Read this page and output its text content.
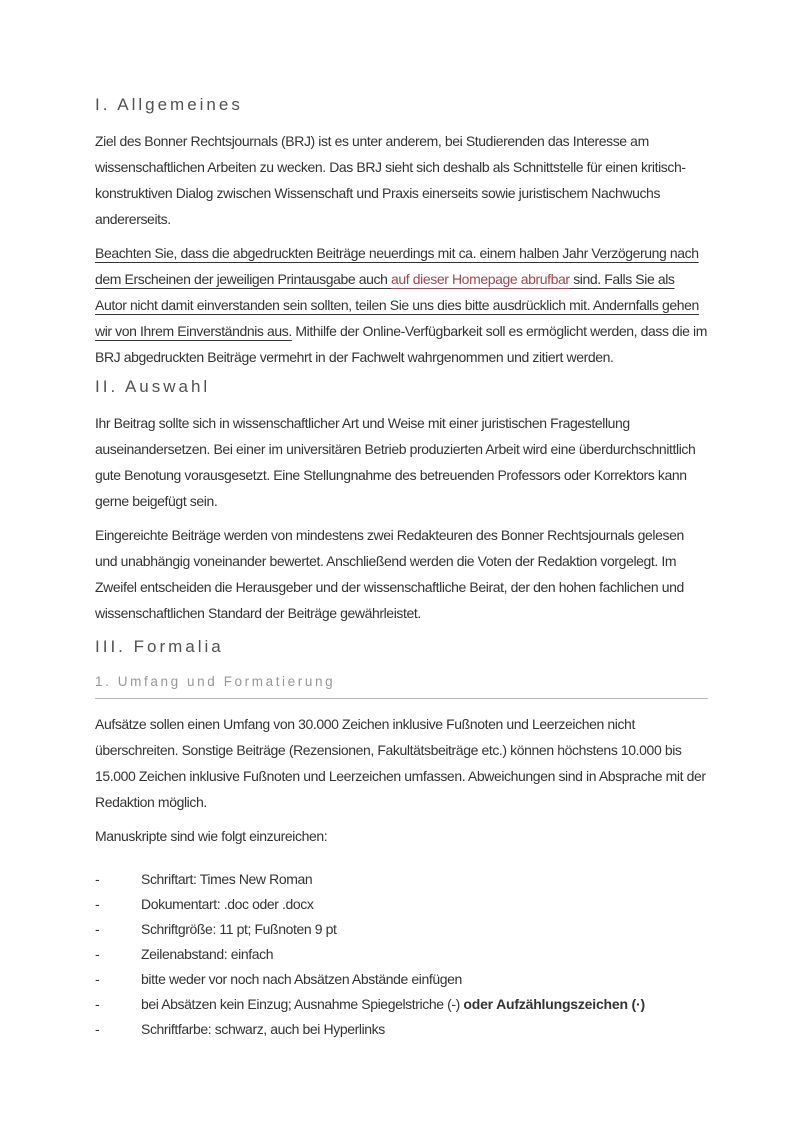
I. Allgemeines

Ziel des Bonner Rechtsjournals (BRJ) ist es unter anderem, bei Studierenden das Interesse am wissenschaftlichen Arbeiten zu wecken. Das BRJ sieht sich deshalb als Schnittstelle für einen kritisch-konstruktiven Dialog zwischen Wissenschaft und Praxis einerseits sowie juristischem Nachwuchs andererseits.

Beachten Sie, dass die abgedruckten Beiträge neuerdings mit ca. einem halben Jahr Verzögerung nach dem Erscheinen der jeweiligen Printausgabe auch auf dieser Homepage abrufbar sind. Falls Sie als Autor nicht damit einverstanden sein sollten, teilen Sie uns dies bitte ausdrücklich mit. Andernfalls gehen wir von Ihrem Einverständnis aus. Mithilfe der Online-Verfügbarkeit soll es ermöglicht werden, dass die im BRJ abgedruckten Beiträge vermehrt in der Fachwelt wahrgenommen und zitiert werden.

II. Auswahl

Ihr Beitrag sollte sich in wissenschaftlicher Art und Weise mit einer juristischen Fragestellung auseinandersetzen. Bei einer im universitären Betrieb produzierten Arbeit wird eine überdurchschnittlich gute Benotung vorausgesetzt. Eine Stellungnahme des betreuenden Professors oder Korrektors kann gerne beigefügt sein.

Eingereichte Beiträge werden von mindestens zwei Redakteuren des Bonner Rechtsjournals gelesen und unabhängig voneinander bewertet. Anschließend werden die Voten der Redaktion vorgelegt. Im Zweifel entscheiden die Herausgeber und der wissenschaftliche Beirat, der den hohen fachlichen und wissenschaftlichen Standard der Beiträge gewährleistet.

III. Formalia
1. Umfang und Formatierung

Aufsätze sollen einen Umfang von 30.000 Zeichen inklusive Fußnoten und Leerzeichen nicht überschreiten. Sonstige Beiträge (Rezensionen, Fakultätsbeiträge etc.) können höchstens 10.000 bis 15.000 Zeichen inklusive Fußnoten und Leerzeichen umfassen. Abweichungen sind in Absprache mit der Redaktion möglich.

Manuskripte sind wie folgt einzureichen:

-	Schriftart: Times New Roman
-	Dokumentart: .doc oder .docx
-	Schriftgröße: 11 pt; Fußnoten 9 pt
-	Zeilenabstand: einfach
-	bitte weder vor noch nach Absätzen Abstände einfügen
-	bei Absätzen kein Einzug; Ausnahme Spiegelstriche (-) oder Aufzählungszeichen (·)
-	Schriftfarbe: schwarz, auch bei Hyperlinks
